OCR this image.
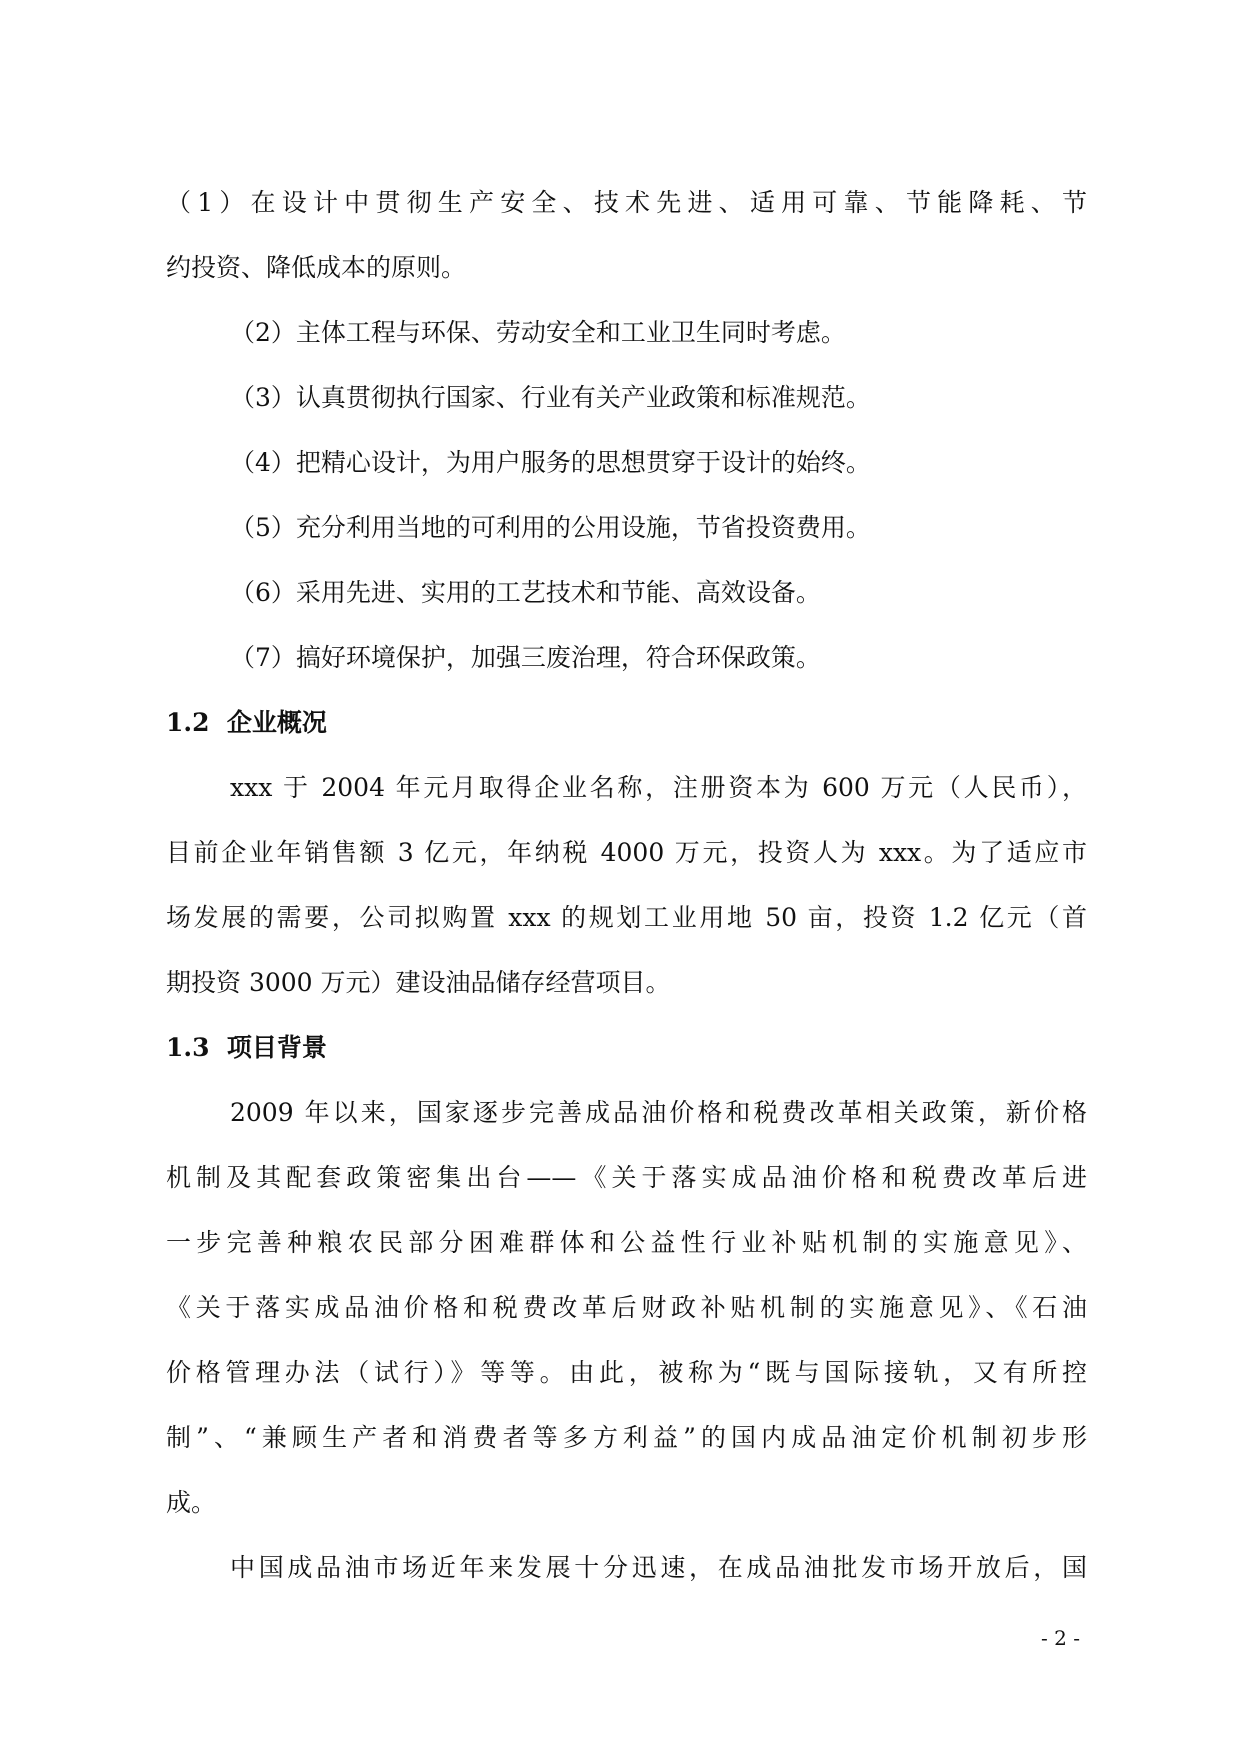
（1）在设计中贯彻生产安全、技术先进、适用可靠、节能降耗、节

约投资、降低成本的原则。

（2）主体工程与环保、劳动安全和工业卫生同时考虑。

（3）认真贯彻执行国家、行业有关产业政策和标准规范。

（4）把精心设计，为用户服务的思想贯穿于设计的始终。

（5）充分利用当地的可利用的公用设施，节省投资费用。

（6）采用先进、实用的工艺技术和节能、高效设备。

（7）搞好环境保护，加强三废治理，符合环保政策。

1.2  企业概况

xxx 于 2004 年元月取得企业名称，注册资本为 600 万元（人民币），

目前企业年销售额 3 亿元，年纳税 4000 万元，投资人为 xxx。为了适应市

场发展的需要，公司拟购置 xxx 的规划工业用地 50 亩，投资 1.2 亿元（首

期投资 3000 万元）建设油品储存经营项目。

1.3  项目背景

2009 年以来，国家逐步完善成品油价格和税费改革相关政策，新价格

机制及其配套政策密集出台——《关于落实成品油价格和税费改革后进

一步完善种粮农民部分困难群体和公益性行业补贴机制的实施意见》、

《关于落实成品油价格和税费改革后财政补贴机制的实施意见》、《石油

价格管理办法（试行）》等等。由此，被称为“既与国际接轨，又有所控

制”、“兼顾生产者和消费者等多方利益”的国内成品油定价机制初步形

成。

中国成品油市场近年来发展十分迅速，在成品油批发市场开放后，国

- 2 -
